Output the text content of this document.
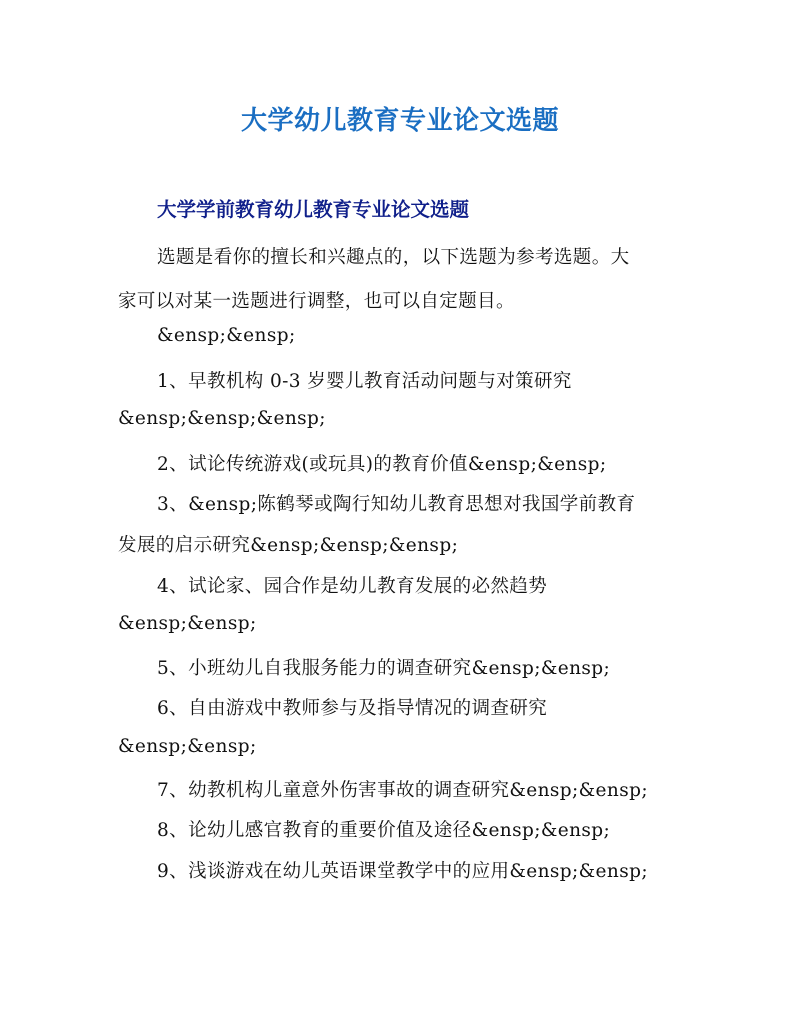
大学幼儿教育专业论文选题
大学学前教育幼儿教育专业论文选题
选题是看你的擅长和兴趣点的，以下选题为参考选题。大
家可以对某一选题进行调整，也可以自定题目。
&ensp;&ensp;
1、早教机构 0-3 岁婴儿教育活动问题与对策研究
&ensp;&ensp;&ensp;
2、试论传统游戏(或玩具)的教育价值&ensp;&ensp;
3、&ensp;陈鹤琴或陶行知幼儿教育思想对我国学前教育
发展的启示研究&ensp;&ensp;&ensp;
4、试论家、园合作是幼儿教育发展的必然趋势
&ensp;&ensp;
5、小班幼儿自我服务能力的调查研究&ensp;&ensp;
6、自由游戏中教师参与及指导情况的调查研究
&ensp;&ensp;
7、幼教机构儿童意外伤害事故的调查研究&ensp;&ensp;
8、论幼儿感官教育的重要价值及途径&ensp;&ensp;
9、浅谈游戏在幼儿英语课堂教学中的应用&ensp;&ensp;
